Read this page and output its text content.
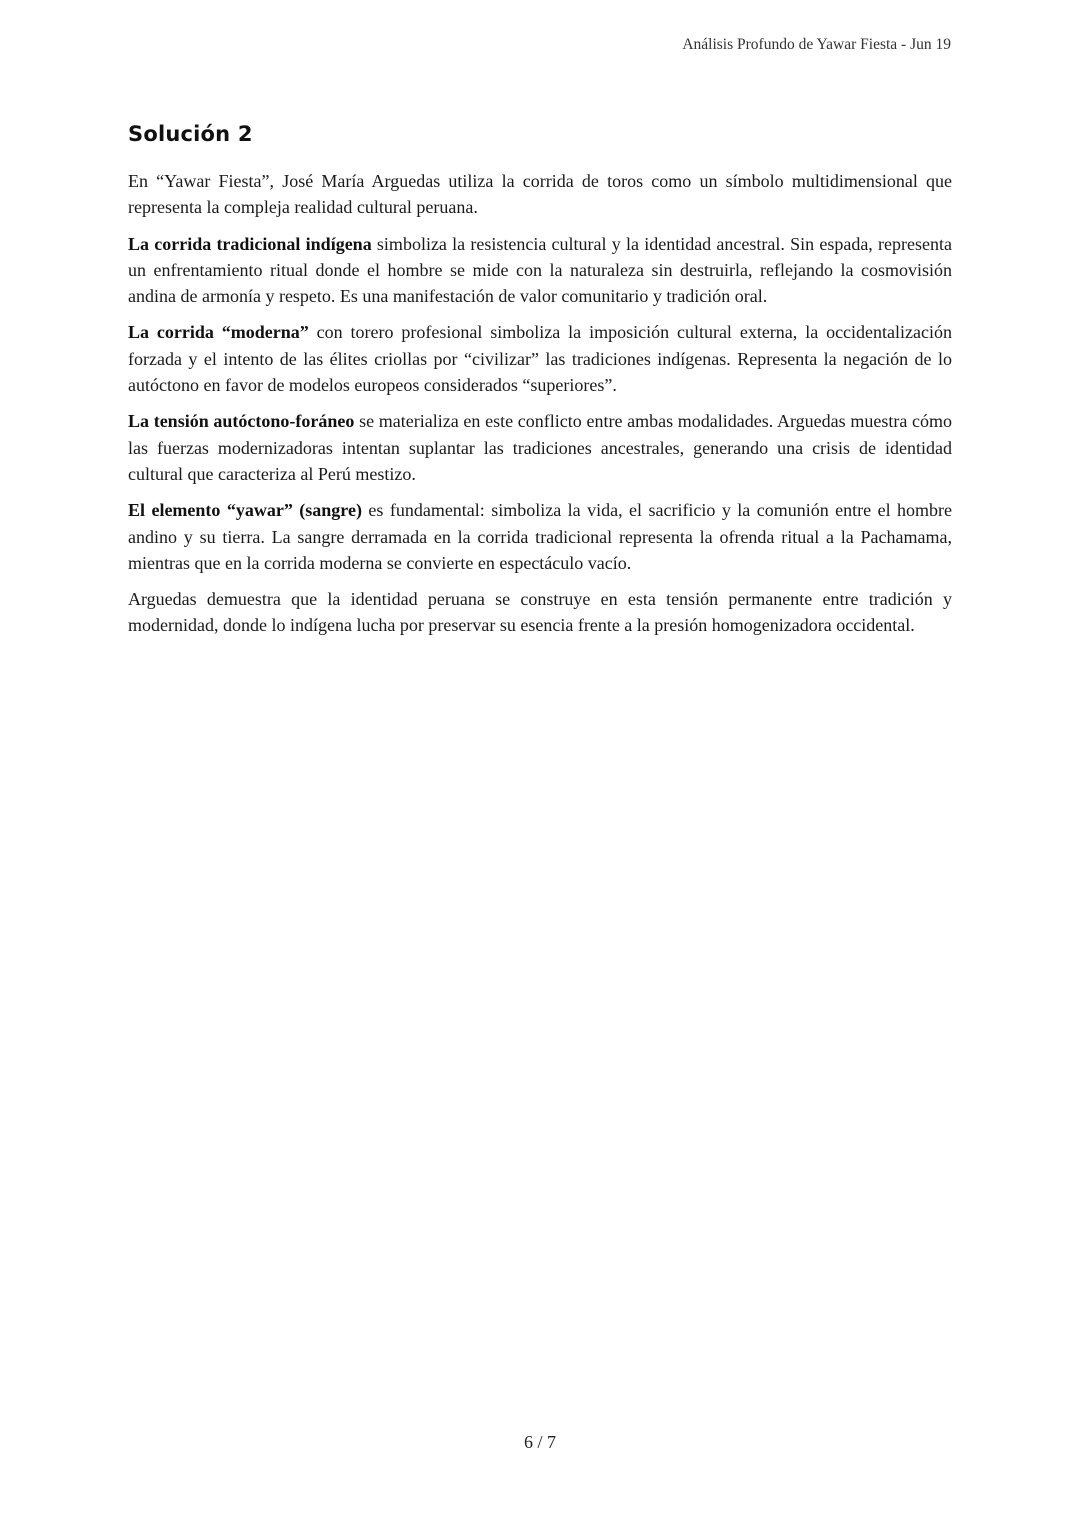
Análisis Profundo de Yawar Fiesta - Jun 19
Solución 2

En “Yawar Fiesta”, José María Arguedas utiliza la corrida de toros como un símbolo multidimensional que representa la compleja realidad cultural peruana.

La corrida tradicional indígena simboliza la resistencia cultural y la identidad ancestral. Sin espada, representa un enfrentamiento ritual donde el hombre se mide con la naturaleza sin destruirla, reflejando la cosmovisión andina de armonía y respeto. Es una manifestación de valor comunitario y tradición oral.

La corrida “moderna” con torero profesional simboliza la imposición cultural externa, la occidentalización forzada y el intento de las élites criollas por “civilizar” las tradiciones indígenas. Representa la negación de lo autóctono en favor de modelos europeos considerados “superiores”.

La tensión autóctono-foráneo se materializa en este conflicto entre ambas modalidades. Arguedas muestra cómo las fuerzas modernizadoras intentan suplantar las tradiciones ancestrales, generando una crisis de identidad cultural que caracteriza al Perú mestizo.

El elemento “yawar” (sangre) es fundamental: simboliza la vida, el sacrificio y la comunión entre el hombre andino y su tierra. La sangre derramada en la corrida tradicional representa la ofrenda ritual a la Pachamama, mientras que en la corrida moderna se convierte en espectáculo vacío.

Arguedas demuestra que la identidad peruana se construye en esta tensión permanente entre tradición y modernidad, donde lo indígena lucha por preservar su esencia frente a la presión homogenizadora occidental.

6 / 7
